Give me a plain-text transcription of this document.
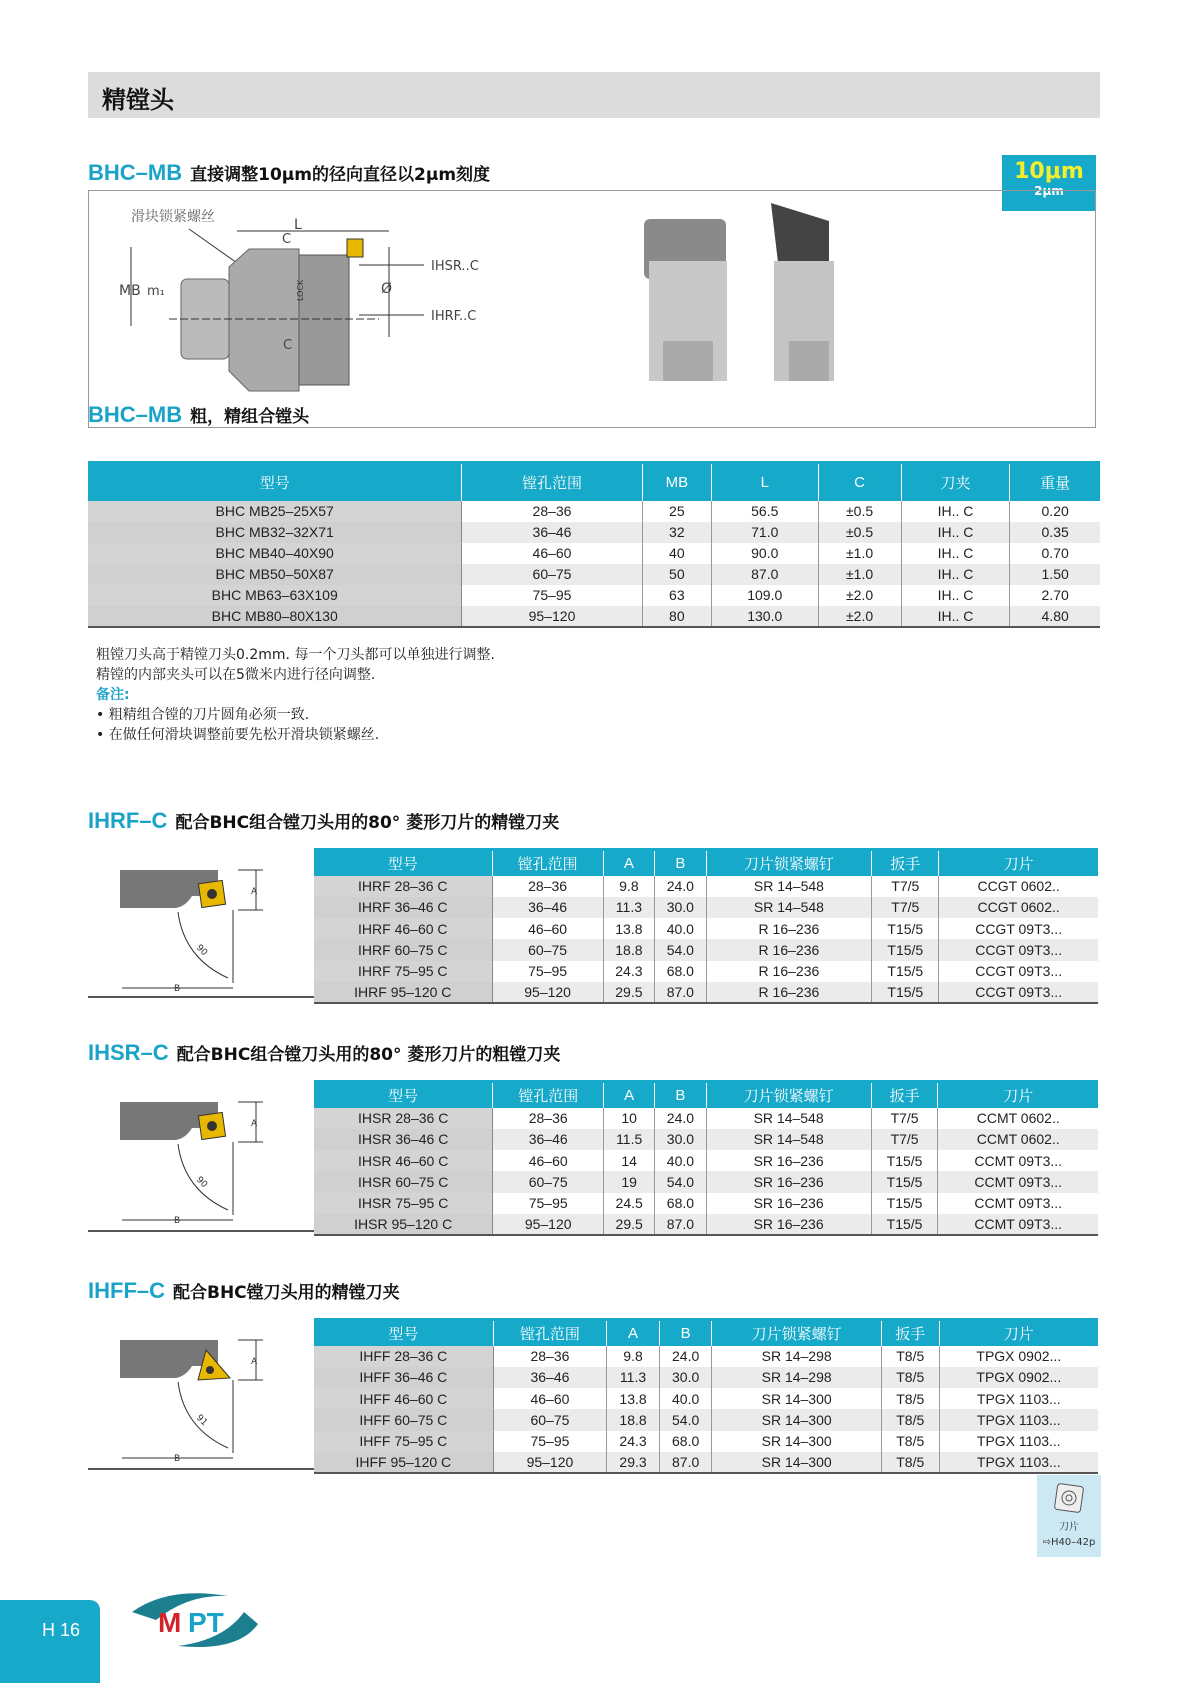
精镗头
BHC–MB 直接调整10μm的径向直径以2μm刻度	10μm
2μm
滑块锁紧螺丝	L
C
C
MB m₁	Ø
LOCK
IHSR..C
IHRF..C
BHC–MB 粗，精组合镗头
型号	镗孔范围	MB	L	C	刀夹	重量
BHC MB25–25X57	28–36	25	56.5	±0.5	IH.. C	0.20
BHC MB32–32X71	36–46	32	71.0	±0.5	IH.. C	0.35
BHC MB40–40X90	46–60	40	90.0	±1.0	IH.. C	0.70
BHC MB50–50X87	60–75	50	87.0	±1.0	IH.. C	1.50
BHC MB63–63X109	75–95	63	109.0	±2.0	IH.. C	2.70
BHC MB80–80X130	95–120	80	130.0	±2.0	IH.. C	4.80
粗镗刀头高于精镗刀头0.2mm. 每一个刀头都可以单独进行调整.
精镗的内部夹头可以在5微米内进行径向调整.
备注:
• 粗精组合镗的刀片圆角必须一致.
• 在做任何滑块调整前要先松开滑块锁紧螺丝.
IHRF–C 配合BHC组合镗刀头用的80° 菱形刀片的精镗刀夹
A
90
B
型号	镗孔范围	A	B	刀片锁紧螺钉	扳手	刀片
IHRF 28–36 C	28–36	9.8	24.0	SR 14–548	T7/5	CCGT 0602..
IHRF 36–46 C	36–46	11.3	30.0	SR 14–548	T7/5	CCGT 0602..
IHRF 46–60 C	46–60	13.8	40.0	R 16–236	T15/5	CCGT 09T3...
IHRF 60–75 C	60–75	18.8	54.0	R 16–236	T15/5	CCGT 09T3...
IHRF 75–95 C	75–95	24.3	68.0	R 16–236	T15/5	CCGT 09T3...
IHRF 95–120 C	95–120	29.5	87.0	R 16–236	T15/5	CCGT 09T3...
IHSR–C 配合BHC组合镗刀头用的80° 菱形刀片的粗镗刀夹
A
90
B
型号	镗孔范围	A	B	刀片锁紧螺钉	扳手	刀片
IHSR 28–36 C	28–36	10	24.0	SR 14–548	T7/5	CCMT 0602..
IHSR 36–46 C	36–46	11.5	30.0	SR 14–548	T7/5	CCMT 0602..
IHSR 46–60 C	46–60	14	40.0	SR 16–236	T15/5	CCMT 09T3...
IHSR 60–75 C	60–75	19	54.0	SR 16–236	T15/5	CCMT 09T3...
IHSR 75–95 C	75–95	24.5	68.0	SR 16–236	T15/5	CCMT 09T3...
IHSR 95–120 C	95–120	29.5	87.0	SR 16–236	T15/5	CCMT 09T3...
IHFF–C 配合BHC镗刀头用的精镗刀夹
A
91
B
型号	镗孔范围	A	B	刀片锁紧螺钉	扳手	刀片
IHFF 28–36 C	28–36	9.8	24.0	SR 14–298	T8/5	TPGX 0902...
IHFF 36–46 C	36–46	11.3	30.0	SR 14–298	T8/5	TPGX 0902...
IHFF 46–60 C	46–60	13.8	40.0	SR 14–300	T8/5	TPGX 1103...
IHFF 60–75 C	60–75	18.8	54.0	SR 14–300	T8/5	TPGX 1103...
IHFF 75–95 C	75–95	24.3	68.0	SR 14–300	T8/5	TPGX 1103...
IHFF 95–120 C	95–120	29.3	87.0	SR 14–300	T8/5	TPGX 1103...
刀片
⇨H40–42p
H 16	M PT
